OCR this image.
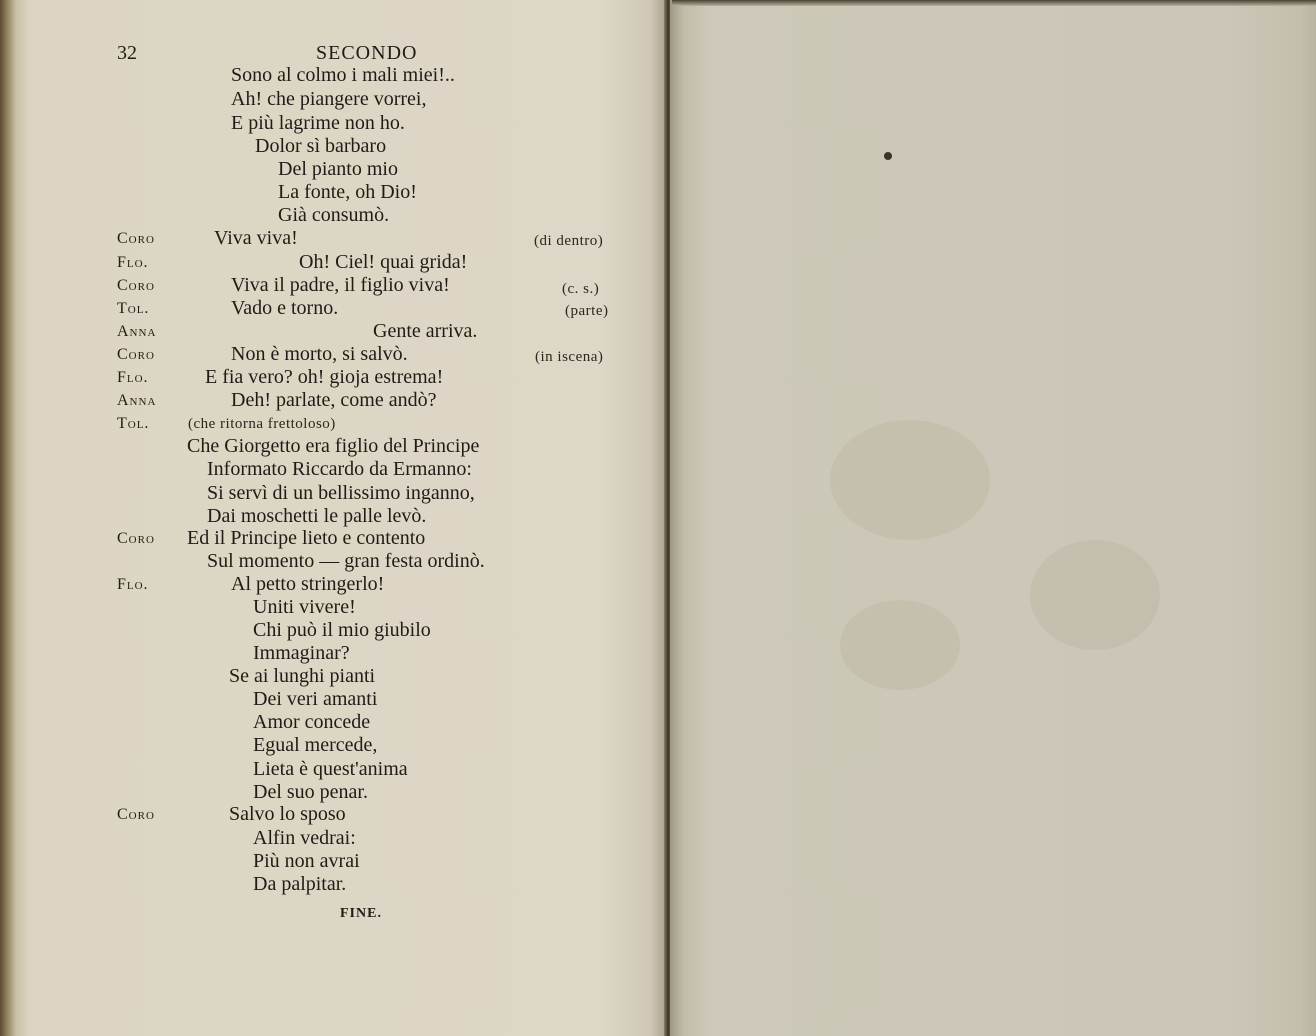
32	SECONDO
Sono al colmo i mali miei!..
Ah! che piangere vorrei,
E più lagrime non ho.
Dolor sì barbaro
Del pianto mio
La fonte, oh Dio!
Già consumò.
Coro	Viva viva!	(di dentro)
Flo.	Oh! Ciel! quai grida!
Coro	Viva il padre, il figlio viva!	(c. s.)
Tol.	Vado e torno.	(parte)
Anna	Gente arriva.
Coro	Non è morto, si salvò.	(in iscena)
Flo.	E fia vero? oh! gioja estrema!
Anna	Deh! parlate, come andò?
Tol.	(che ritorna frettoloso)
Che Giorgetto era figlio del Principe
Informato Riccardo da Ermanno:
Si servì di un bellissimo inganno,
Dai moschetti le palle levò.
Coro Ed il Principe lieto e contento
Sul momento — gran festa ordinò.
Flo.	Al petto stringerlo!
Uniti vivere!
Chi può il mio giubilo
Immaginar?
Se ai lunghi pianti
Dei veri amanti
Amor concede
Egual mercede,
Lieta è quest'anima
Del suo penar.
Coro	Salvo lo sposo
Alfin vedrai:
Più non avrai
Da palpitar.
FINE.
